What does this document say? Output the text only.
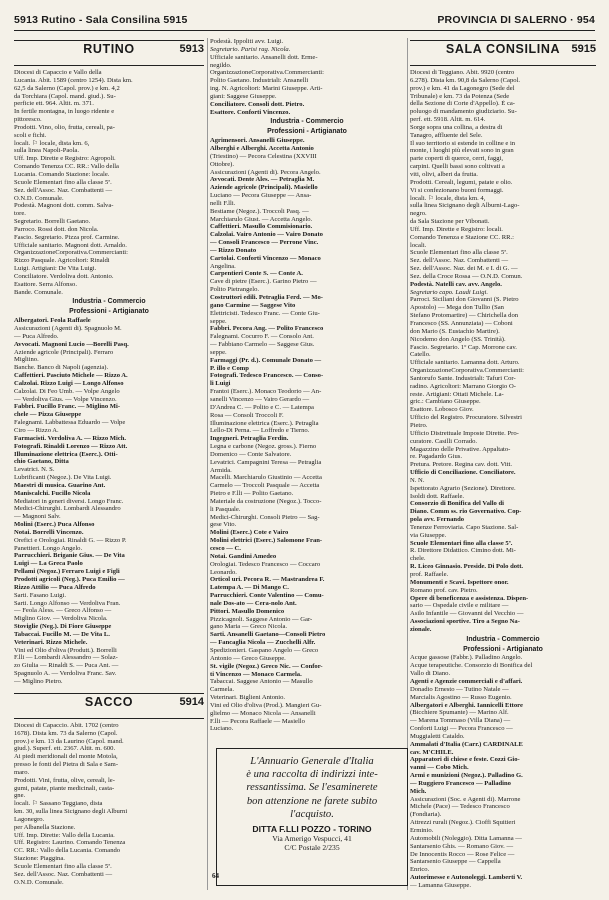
5913 Rutino - Sala Consilina 5915	PROVINCIA DI SALERNO · 954
RUTINO	5913
Diocesi di Capaccio e Vallo della
Lucania. Abit. 1589 (centro 1254). Dista km.
62,5 da Salerno (Capol. prov.) e km. 4,2
da Torchiara (Capol. mand. giud.). Su-
perficie ett. 964. Altit. m. 371.
In fertile montagna, in luogo ridente e
pittoresco.
Prodotti. Vino, olio, frutta, cereali, pa-
scoli e fichi.
locali. ⚐ locale, dista km. 6,
sulla linea Napoli-Paola.
Uff. Imp. Dirette e Registro: Agropoli.
Comando Tenenza CC. RR.: Vallo della
Lucania. Comando Stazione: locale.
Scuole Elementari fino alla classe 5ª.
Sez. dell'Assoc. Naz. Combattenti —
O.N.D. Comunale.
Podestà. Magnoni dott. comm. Salva-
tore.
Segretario. Borrelli Gaetano.
Parroco. Rossi dott. don Nicola.
Fascio. Segretario. Pizza prof. Carmine.
Ufficiale sanitario. Magnoni dott. Arnaldo.
OrganizzazioneCorporativa.Commercianti:
Rizzo Pasquale. Agricoltori: Rinaldi
Luigi. Artigiani: De Vita Luigi.
Conciliatore. Verdoliva dott. Antonio.
Esattore. Serra Alfonso.
Bande. Comunale.
Industria - Commercio
Professioni - Artigianato
Albergatori. Feola Raffaele
Assicurazioni (Agenti di). Spagnuolo M.
— Puca Alfredo.
Avvocati. Magnoni Lucio —Borelli Pasq.
Aziende agricole (Principali). Ferraro
Migliino.
Banche. Banco di Napoli (agenzia).
Caffettieri. Pasciuto Michele — Rizzo A.
Calzolai. Rizzo Luigi — Longo Alfonso
Calzolai. Di Feo Umb. — Volpe Angelo
— Verdoliva Gius. — Volpe Vincenzo.
Fabbri. Fucillo Franc. — Miglino Mi-
chele — Pizza Giuseppe
Falegnami. Labbattessa Eduardo — Volpe
Ciro — Rizzo A.
Farmacisti. Verdoliva A. — Rizzo Mich.
Fotografi. Rinaldi Lorenzo — Rizzo Att.
Illuminazione elettrica (Eserc.). Otti-
chio Gaetano, Ditta
Levatrici. N. S.
Lubrificanti (Negoz.). De Vita Luigi.
Maestri di musica. Guarino Ant.
Maniscalchi. Fucillo Nicola
Mediatori in generi diversi. Longo Franc.
Medici-Chirurghi. Lombardi Alessandro
— Magnoni Salv.
Molini (Eserc.) Puca Alfonso
Notai. Borrelli Vincenzo.
Orefici e Orologiai. Rinaldi G. — Rizzo P.
Panettieri. Longo Angelo.
Parrucchieri. Briganie Gius. — De Vita
Luigi — La Greca Paolo
Pellami (Negoz.) Ferraro Luigi e Figli
Prodotti agricoli (Neg.). Puca Emilio —
Rizzo Attilio — Puca Alfredo
Sarti. Fasano Luigi.
Sarti. Longo Alfonso — Verdoliva Fran.
— Feola Aless. — Greco Alfonso —
Miglino Giov. — Verdoliva Nicola.
Stoviglie (Neg.). Di Fiore Giuseppe
Tabaccai. Fucillo M. — De Vita L.
Veterinari. Rizzo Michele.
Vini ed Olio d'oliva (Produtt.). Borrelli
F.lli — Lombardi Alessandro — Solaz-
zo Giulia — Rinaldi S. — Puca Ant. —
Spagnuolo A. — Verdoliva Franc. Sav.
— Miglino Pietro.
SACCO	5914
Diocesi di Capaccio. Abit. 1702 (centro
1678). Dista km. 73 da Salerno (Capol.
prov.) e km. 13 da Laurino (Capol. mand.
giud.). Superf. ett. 2367. Altit. m. 600.
Ai piedi meridionali del monte Motola,
presso le fonti del Pietra di Sala e Sam-
maro.
Prodotti. Vini, frutta, olive, cereali, le-
gumi, patate, piante medicinali, casta-
gne.
locali. ⚐ Sassano Teggiano, dista
km. 30, sulla linea Sicignano degli Alburni
Lagonegro.
per Albanella Stazione.
Uff. Imp. Dirette: Vallo della Lucania.
Uff. Registro: Laurino. Comando Tenenza
CC. RR.: Vallo della Lucania. Comando
Stazione: Piaggina.
Scuole Elementari fino alla classe 5ª.
Sez. dell'Assoc. Naz. Combattenti —
O.N.D. Comunale.
Podestà. Ippoliti avv. Luigi.
Segretario. Parisi rag. Nicola.
Ufficiale sanitario. Ansanelli dott. Erme-
negildo.
OrganizzazioneCorporativa.Commercianti:
Polito Gaetano. Industriali: Ansanelli
ing. N. Agricoltori: Marini Giuseppe. Arti-
giani: Saggese Giuseppe.
Conciliatore. Consoli dott. Pietro.
Esattore. Conforti Vincenzo.
Industria - Commercio
Professioni - Artigianato
Agrimensori. Ansanelli Giuseppe.
Alberghi e Alberghi. Accetta Antonio
(Triestino) — Pecora Celestina (XXVIII
Ottobre).
Assicurazioni (Agenti di). Pecora Angelo.
Avvocati. Dente Ales. — Petraglia M.
Aziende agricole (Principali). Masiello
Luciano — Pecora Giuseppe — Ansa-
nelli F.lli.
Bestiame (Negoz.). Troccoli Pasq. —
Marchiarulo Giust. — Accetta Angelo.
Caffettieri. Masullo Commisionario.
Calzolai. Vairo Antonio — Vairo Donato
— Consoli Francesco — Perrone Vinc.
— Rizzo Donato
Cartolai. Conforti Vincenzo — Monaco
Angelina.
Carpentieri Conte S. — Conte A.
Cave di pietre (Eserc.). Garino Pietro —
Polito Pietrangelo.
Costruttori edili. Petraglia Ferd. — Mo-
gano Carmine — Saggese Vito
Elettricisti. Tedesco Franc. — Conte Giu-
seppe.
Fabbri. Pecora Ang. — Polito Francesco
Falegnami. Cocurrο F. — Consolo Ant.
— Fabbiano Carmelo — Saggese Gius.
seppe.
Farmaggi (Pr. d.). Comunale Donato —
P. illo e Comp
Fotografi. Tedesco Francesco. — Conso-
li Luigi
Frantoi (Eserc.). Monaco Teodorio — An-
sanelli Vincenzo — Vairo Gerardo —
D'Andrea C. — Polito e C. — Latempa
Rosa — Consoli Troccoli F.
Illuminazione elettrica (Eserc.). Petraglia
Lello-Di Perna. — Loffredo e Tierno.
Ingegneri. Petraglia Ferdin.
Legna e carbone (Negoz. gross.). Fierno
Domenico — Conte Salvatore.
Levatrici. Campagnini Teresa — Petraglia
Armida.
Macelli. Marchiarulo Giustinio — Accetta
Carmelo — Troccoli Pasquale — Accetta
Pietro e F.lli — Polito Gaetano.
Materiale da costruzione (Negoz.). Tocco-
li Pasquale.
Medici-Chirurghi. Consoli Pietro — Sag-
gese Vito.
Molini (Eserc.) Cote e Vairo
Molini elettrici (Eserc.) Salomone Fran-
cesco — C.
Notai. Gandini Amedeo
Orologiai. Tedesco Francesco — Coccaro
Leonardo.
Orticol uri. Pecora R. — Mastrandrea F.
Latempa A. — Di Mango C.
Parrucchieri. Conte Valentino — Comu-
nale Dos-ato — Cera-nolo Ant.
Pittori. Masullo Domenico
Pizzicagnoli. Saggese Antonio — Gar-
gano Maria — Greco Nicola.
Sarti. Ansanelli Gaetano—Consoli Pietro
— Fancaglia Nicola — Zucchelli Alfr.
Spedizionieri. Gaspano Angelo — Greco
Antonio — Greco Giuseppe.
St. vigile (Negoz.) Greco Nic. — Confor-
ti Vincenzo — Monaco Carmela.
Tabaccai. Saggese Antonio — Masullo
Carmela.
Veterinari. Biglieni Antonio.
Vini ed Olio d'oliva (Prod.). Mangieri Gu-
glielmo — Monaco Nicola — Ansanelli
F.lli — Pecora Raffaele — Masiello
Luciano.
SALA CONSILINA	5915
Diocesi di Teggiano. Abit. 9920 (centro
6.278). Dista km. 90,8 da Salerno (Capol.
prov.) e km. 41 da Lagonegro (Sede del
Tribunale) e km. 73 da Potenza (Sede
della Sezione di Corte d'Appello). È ca-
poluogo di mandamento giudiziario. Su-
perf. ett. 5918. Altit. m. 614.
Sorge sopra una collina, a destra di
Tanagro, affluente del Sele.
Il suo territorio si estende in colline e in
monte, i luoghi più elevati sono in gran
parte coperti di querce, cerri, faggi,
carpini. Quelli bassi sono coltivati a
viti, olivi, alberi da frutta.
Prodotti. Cereali, legumi, patate e olio.
Vi si confezionano buoni formaggi.
locali. ⚐ locale, dista km. 4,
sulla linea Sicignano degli Alburni-Lago-
negro.
da Sala Stazione per Vibonati.
Uff. Imp. Dirette e Registro: locali.
Comando Tenenza e Stazione CC. RR.:
locali.
Scuole Elementari fino alla classe 5ª.
Sez. dell'Assoc. Naz. Combattenti —
Sez. dell'Assoc. Naz. dei M. e I. di G. —
Sez. della Croce Rossa — O.N.D. Comun.
Podestà. Natelli cav. avv. Angelo.
Segretario capo. Laudi Luigi.
Parroci. Siciliani don Giovanni (S. Pietro
Apostolo) — Mega don Tullio (San
Stefano Protomartire) — Chirichella don
Francesco (SS. Annunziata) — Coboni
don Mario (S. Eustachio Martire).
Nicodemo don Angelo (SS. Trinità).
Fascio. Segretario. 1º Cap. Morrone cav.
Catello.
Ufficiale sanitario. Lamanna dott. Arturo.
OrganizzazioneCorporativa.Commercianti:
Santorufo Sante. Industriali: Tafuri Cor-
radino. Agricoltori: Marrano Giorgio O-
restе. Artigiani: Ottati Michele. La-
gric.: Cambiano Giuseppe.
Esattore. Lobosco Giov.
Ufficio del Registro. Procuratore. Silvestri
Pietro.
Ufficio Distrettuale Imposte Dirette. Pro-
curatore. Casilli Corrado.
Magazzino delle Privative. Appaltato-
re. Pagadardo Gius.
Pretura. Pretore. Regina cav. dott. Vitt.
Ufficio di Conciliazione. Conciliatore.
N. N.
Ispettorato Agrario (Sezione). Direttore.
Isoldi dott. Raffaele.
Consorzio di Bonifica del Vallo di
Diano. Comm ss. rio Governativo. Cop-
pola avv. Fernando
Tenenze Ferroviaria. Capo Stazione. Sal-
via Giuseppe.
Scuole Elementari fino alla classe 5ª.
R. Direttore Didattico. Cimino dott. Mi-
chele.
R. Liceo Ginnasio. Preside. Di Polo dott.
prof. Raffaele.
Monumenti e Scavi. Ispettore onor.
Romano prof. cav. Pietro.
Opere di beneficenza e assistenza. Dispen-
sario — Ospedale civile e militare —
Asilo Infantile — Giovanni del Vecchio —
Associazioni sportive. Tiro a Segno Na-
zionale.
Industria - Commercio
Professioni - Artigianato
Acque gassose (Fabbr.). Palladino Angelo.
Acque terapeutiche. Consorzio di Bonifica del
Vallo di Diano.
Agenti e Agenzie commerciali e d'affari.
Donadio Ernesto — Tutino Natale —
Marcialis Agostino — Russo Eugenio.
Albergatori e Alberghi. Iannicelli Ettore
(Bicchiere Spumante) — Marino Alf.
— Marena Tommaso (Villa Diana) —
Conforti Luigi — Pecora Francesco —
Muggialetti Cataldo.
Ammalati d'Italia (Carr.) CARDINALE
cav. M'CHILE.
Apparatori di chiese e feste. Cozzi Gio-
vanni — Cobo Mich.
Armi e munizioni (Negoz.). Palladino G.
— Ruggiero Francesco — Palladino
Mich.
Assicurazioni (Soc. e Agenti di). Marrone
Michele (Pace) — Tedesco Francesco
(Fondiaria).
Attrezzi rurali (Negoz.). Cioffi Squitieri
Erminio.
Automobili (Noleggio). Ditta Lamanna —
Santarsenio Ghis. — Romano Giov. —
De Innocentis Rocco — Rose Felice —
Santarsenio Giuseppe — Cappella
Enrico.
Autorimesse e Autonoleggi. Lamberti V.
— Lamanna Giuseppe.
L'Annuario Generale d'Italia
è una raccolta di indirizzi inte-
ressantissima. Se l'esaminerete
bon attenzione ne farete subito
l'acquisto.
DITTA F.LLI POZZO - TORINO
Via Amerigo Vespucci, 41
C/C Postale 2/235
64
